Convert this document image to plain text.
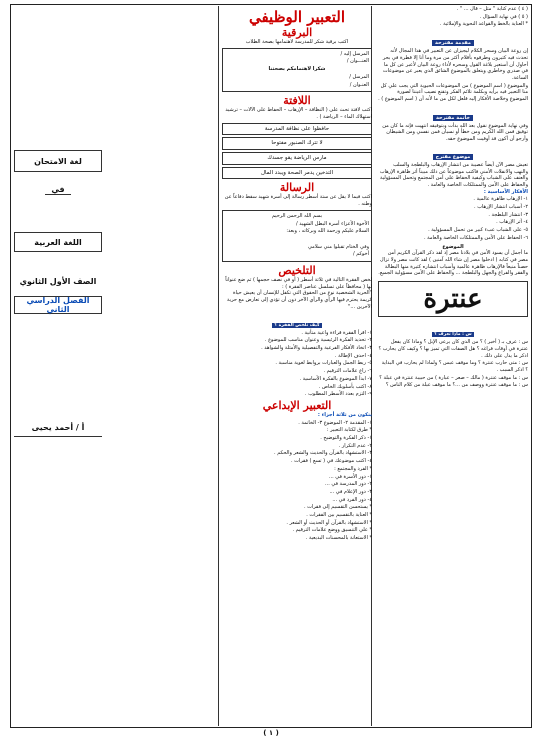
( ٤ ) عدم كتابة " مثل – قال ... " .

( ٥ ) في نهاية السؤال .

* العناية بالخط والقواعد النحوية والإملائية .

مقدمة مقترحة

إن روعة البيان وسحر الكلام ليجيزان عن التعبير في هذا المجال لأنه تحدث فيه كثيرون وطرقوه بأقلام أكثر من مرة وما أنا إلا قطرة في بحر أحاول أن أستعير بلاغة القول وسحره لأداء روعة البيان لأعبر عن كل ما في صدري وخاطري ويتعلق بالموضوع الشائق الذي يعبر عن موضوعات الساعة.

والموضوع ( اسم الموضوع ) من الموضوعات الحيوية التي يجب علي كل منا التعبير فيه برأيه وبكلمة تلائم الفكر وتقنع نصيب أعيننا لصورة الموضوع وخلاصة الأفكار إليه فلعل لكل من ما لأنه أن ( اسم الموضوع ) .

خاتمة مقترحة
وفي نهاية الموضوع نقول بعد الله بدأت وبتوفيقه انتهيت فإنه ما كان من توفيق فمن الله الكريم ومن خطأ أو نسيان فمن نفسي ومن الشيطان وأرجو أن أكون قد أوفيت الموضوع حقه.
موضوع مقترح
تعيش مصر الآن أيضاً عصيبة من انتشار الإرهاب والبلطجة والسلب والنهب والانفلات الأمني فاكتب موضوعاً عن ذلك مبيناً أثر ظاهرة الإرهاب والعنف على الشباب وكيفية الحفاظ على أمن المجتمع وتحمل المسؤولية والحفاظ على الأمن والممتلكات الخاصة والعامة .

الأفكار الأساسية :

١- الإرهاب ظاهرة عالمية .

٢- أسباب انتشار الإرهاب .

٣- انتشار البلطجة .

٤- أثر الإرهاب .

٥- على الشباب عبء كبير من تحمل المسؤولية .

٦- الحفاظ على الأمن والممتلكات الخاصة والعامة .

الموضوع
ما أجمل أن يسود الأمن في بلادنا مصر إذ لقد ذكر القرآن الكريم أمن مصر في كتابه ( ادخلوا مصر إن شاء الله آمنين ) لقد كانت مصر ولا تزال حصناً منيعاً فالإرهاب ظاهرة عالمية وأسباب انتشاره كثيرة منها البطالة والفقر والفراغ والجهل والبلطجة ... والحفاظ على الأمن مسؤولية الجميع.
عنترة
س : ماذا تعرف ؟

س : عرف بـ ( أخبر ) ؟ من الذي كان يرعى الإبل ؟ وماذا كان يفعل عنترة في أوقات فراغه ؟ هل الصفات التي تميز بها ؟ وكيف كان يحارب ؟ اذكر ما يدل على ذلك .

س : متى حارب عنترة ؟ وما موقف عبس ؟ ولماذا لم يحارب في البداية ؟ اذكر السبب .

س : ما موقف عنترة ( مالك – صعر – عبارة ) من حبيبة عنترة في عبلة ؟

س : ما موقف عنترة ووصف من ...؟ ما موقف عبلة من كلام الناس ؟

التعبير الوظيفي
البرقية
اكتب برقية شكر للمدرسة لاهتمامها بصحة الطلاب

المرسل إليه /

العنـــوان /

شكرا لاهتمامكم بصحتنا

المرسل /

العنـوان /

اللافتة
اكتب لافتة تحث على ( النظافة – الإرهاب – الحفاظ على الآلات – ترشيد استهلاك الماء – الرياضة ) .
حافظوا على نظافة المدرسة
لا تترك الصنبور مفتوحا
مارس الرياضة يقو جسدك
التدخين يدمر الصحة ويبدد المال
الرسالة
اكتب فيما لا يقل عن ستة أسطر رسالة إلى أسرة شهيد سقط دفاعاً عن وطنه .

بسم الله الرحمن الرحيم

الأخوة الأعزاء أسرة البطل الشهيد /

السلام عليكم ورحمة الله وبركاته ، وبعد:

وفي الختام تقبلوا مني سلامي

أخوكم /

التلخيص
لخص الفقرة التالية في ثلاثة أسطر ( أو في نصف حجمها ) ثم ضع عنواناً لها ( محافظاً على تسلسل عناصر الفقرة ) :
"الحرية الشخصية نوع من الحقوق التي تكفل للإنسان أن يعيش حياة كريمة يحترم فيها الرأي والرأي الآخر دون أن تؤدي إلى تعارض مع حرية الآخرين ..."
كيف تلخص الفقرة ؟

١- اقرأ الفقرة قراءة واعية متأنية .

٢- تحديد الفكرة الرئيسية وعنوان مناسب للموضوع .

٣- اتخاذ الأفكار الفرعية والتفصيلية والأمثلة والشواهد .

٤- احذف الإطالة .

٥- ربط الجمل والعبارات بروابط لغوية مناسبة .

٦- راع علامات الترقيم .

٧- ابدأ الموضوع بالفكرة الأساسية .

٨- اكتب بأسلوبك الخاص .

٩- التزم بعدد الأسطر المطلوب .

التعبير الإبداعي

يتكون من ثلاثة أجزاء :

١- المقدمة ٢- الموضوع ٣- الخاتمة .

* طرق لكتابة التعبير :

١- ذكر الفكرة والتوضيح .

٢- عدم التكرار .

٣- الاستشهاد بالقرآن والحديث والشعر والحكم .

٤- اكتب موضوعك في ( تسع ) فقرات .

* الفرد والمجتمع :

١- دور الأسرة في ...

٢- دور المدرسة في ...

٣- دور الإعلام في ...

٤- دور الفرد في ...

* يستحسن التقسيم إلى فقرات .

* العناية بالتقسيم بين الفقرات .

* الاستشهاد بالقرآن أو الحديث أو الشعر .

* علي التنسيق ووضع علامات الترقيم .

* الاستعانة بالمحسنات البديعية .

لغة الامتحان

في

اللغة العربية

الصف الأول الثانوي

الفصل الدراسي الثاني

أ / أحمد يحيى

( ١ )
